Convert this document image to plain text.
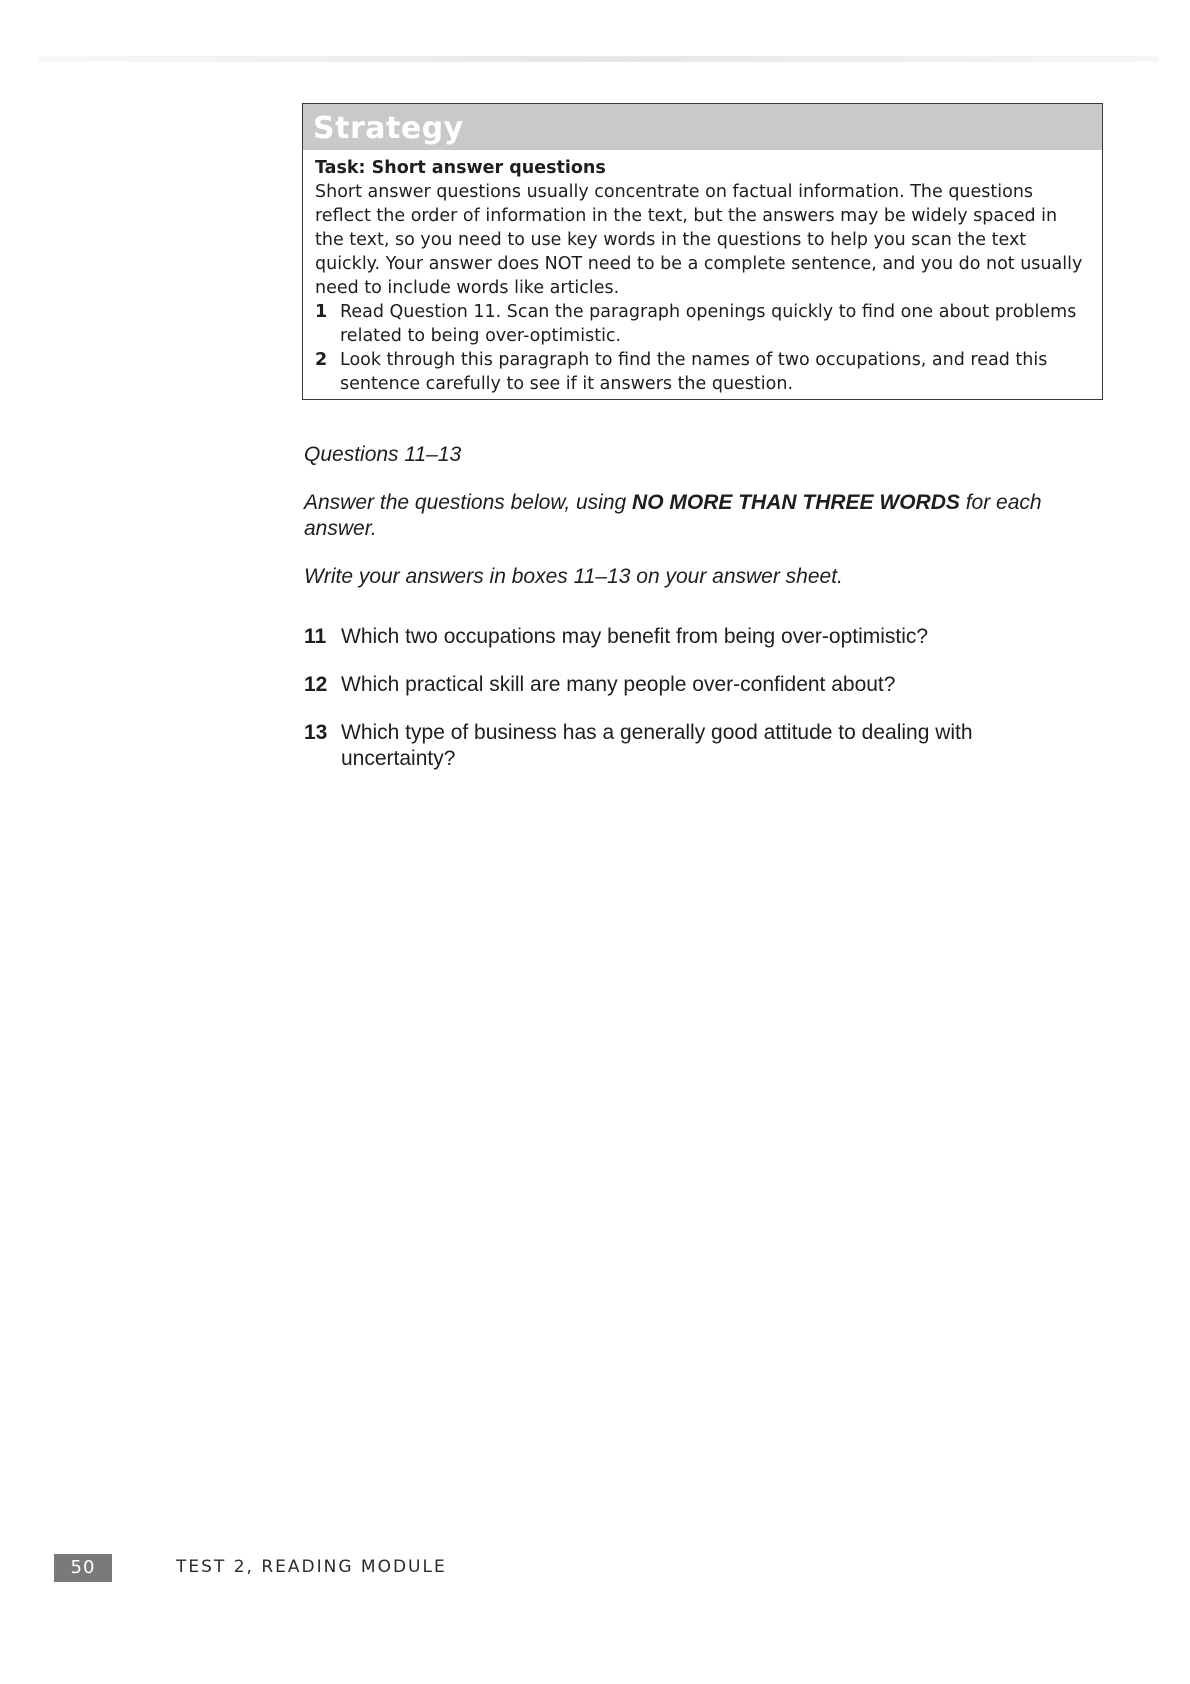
Strategy

Task: Short answer questions

Short answer questions usually concentrate on factual information. The questions reflect the order of information in the text, but the answers may be widely spaced in the text, so you need to use key words in the questions to help you scan the text quickly. Your answer does NOT need to be a complete sentence, and you do not usually need to include words like articles.

1 Read Question 11. Scan the paragraph openings quickly to find one about problems related to being over-optimistic.
2 Look through this paragraph to find the names of two occupations, and read this sentence carefully to see if it answers the question.

Questions 11–13

Answer the questions below, using NO MORE THAN THREE WORDS for each answer.

Write your answers in boxes 11–13 on your answer sheet.

11 Which two occupations may benefit from being over-optimistic?
12 Which practical skill are many people over-confident about?
13 Which type of business has a generally good attitude to dealing with uncertainty?
50	TEST 2, READING MODULE
